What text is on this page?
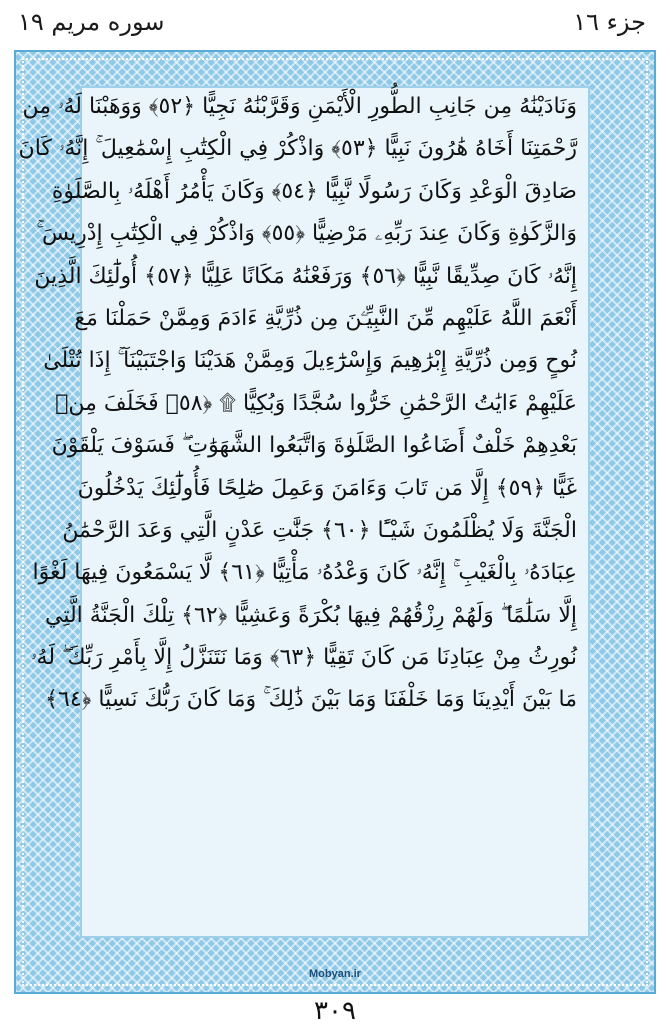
جزء ١٦
سوره مریم ١٩
وَنَادَيْنَٰهُ مِن جَانِبِ الطُّورِ الْأَيْمَنِ وَقَرَّبْنَٰهُ نَجِيًّا ﴿٥٢﴾ وَوَهَبْنَا لَهُۥ مِن
رَّحْمَتِنَا أَخَاهُ هَٰرُونَ نَبِيًّا ﴿٥٣﴾ وَاذْكُرْ فِي الْكِتَٰبِ إِسْمَٰعِيلَ ۚ إِنَّهُۥ كَانَ
صَادِقَ الْوَعْدِ وَكَانَ رَسُولًا نَّبِيًّا ﴿٥٤﴾ وَكَانَ يَأْمُرُ أَهْلَهُۥ بِالصَّلَوٰةِ
وَالزَّكَوٰةِ وَكَانَ عِندَ رَبِّهِۦ مَرْضِيًّا ﴿٥٥﴾ وَاذْكُرْ فِي الْكِتَٰبِ إِدْرِيسَ ۚ
إِنَّهُۥ كَانَ صِدِّيقًا نَّبِيًّا ﴿٥٦﴾ وَرَفَعْنَٰهُ مَكَانًا عَلِيًّا ﴿٥٧﴾ أُولَٰٓئِكَ الَّذِينَ
أَنْعَمَ اللَّهُ عَلَيْهِم مِّنَ النَّبِيِّـۧنَ مِن ذُرِّيَّةِ ءَادَمَ وَمِمَّنْ حَمَلْنَا مَعَ
نُوحٍ وَمِن ذُرِّيَّةِ إِبْرَٰهِيمَ وَإِسْرَٰٓءِيلَ وَمِمَّنْ هَدَيْنَا وَاجْتَبَيْنَآ ۚ إِذَا تُتْلَىٰ
عَلَيْهِمْ ءَايَٰتُ الرَّحْمَٰنِ خَرُّوا سُجَّدًا وَبُكِيًّا ۩ ﴿٥٨﴾ فَخَلَفَ مِنۢ
بَعْدِهِمْ خَلْفٌ أَضَاعُوا الصَّلَوٰةَ وَاتَّبَعُوا الشَّهَوَٰتِ ۖ فَسَوْفَ يَلْقَوْنَ
غَيًّا ﴿٥٩﴾ إِلَّا مَن تَابَ وَءَامَنَ وَعَمِلَ صَٰلِحًا فَأُولَٰٓئِكَ يَدْخُلُونَ
الْجَنَّةَ وَلَا يُظْلَمُونَ شَيْـًٔا ﴿٦٠﴾ جَنَّٰتِ عَدْنٍ الَّتِي وَعَدَ الرَّحْمَٰنُ
عِبَادَهُۥ بِالْغَيْبِ ۚ إِنَّهُۥ كَانَ وَعْدُهُۥ مَأْتِيًّا ﴿٦١﴾ لَّا يَسْمَعُونَ فِيهَا لَغْوًا
إِلَّا سَلَٰمًا ۖ وَلَهُمْ رِزْقُهُمْ فِيهَا بُكْرَةً وَعَشِيًّا ﴿٦٢﴾ تِلْكَ الْجَنَّةُ الَّتِي
نُورِثُ مِنْ عِبَادِنَا مَن كَانَ تَقِيًّا ﴿٦٣﴾ وَمَا نَتَنَزَّلُ إِلَّا بِأَمْرِ رَبِّكَ ۖ لَهُۥ
مَا بَيْنَ أَيْدِينَا وَمَا خَلْفَنَا وَمَا بَيْنَ ذَٰلِكَ ۚ وَمَا كَانَ رَبُّكَ نَسِيًّا ﴿٦٤﴾
Mobyan.ir
٣٠٩
